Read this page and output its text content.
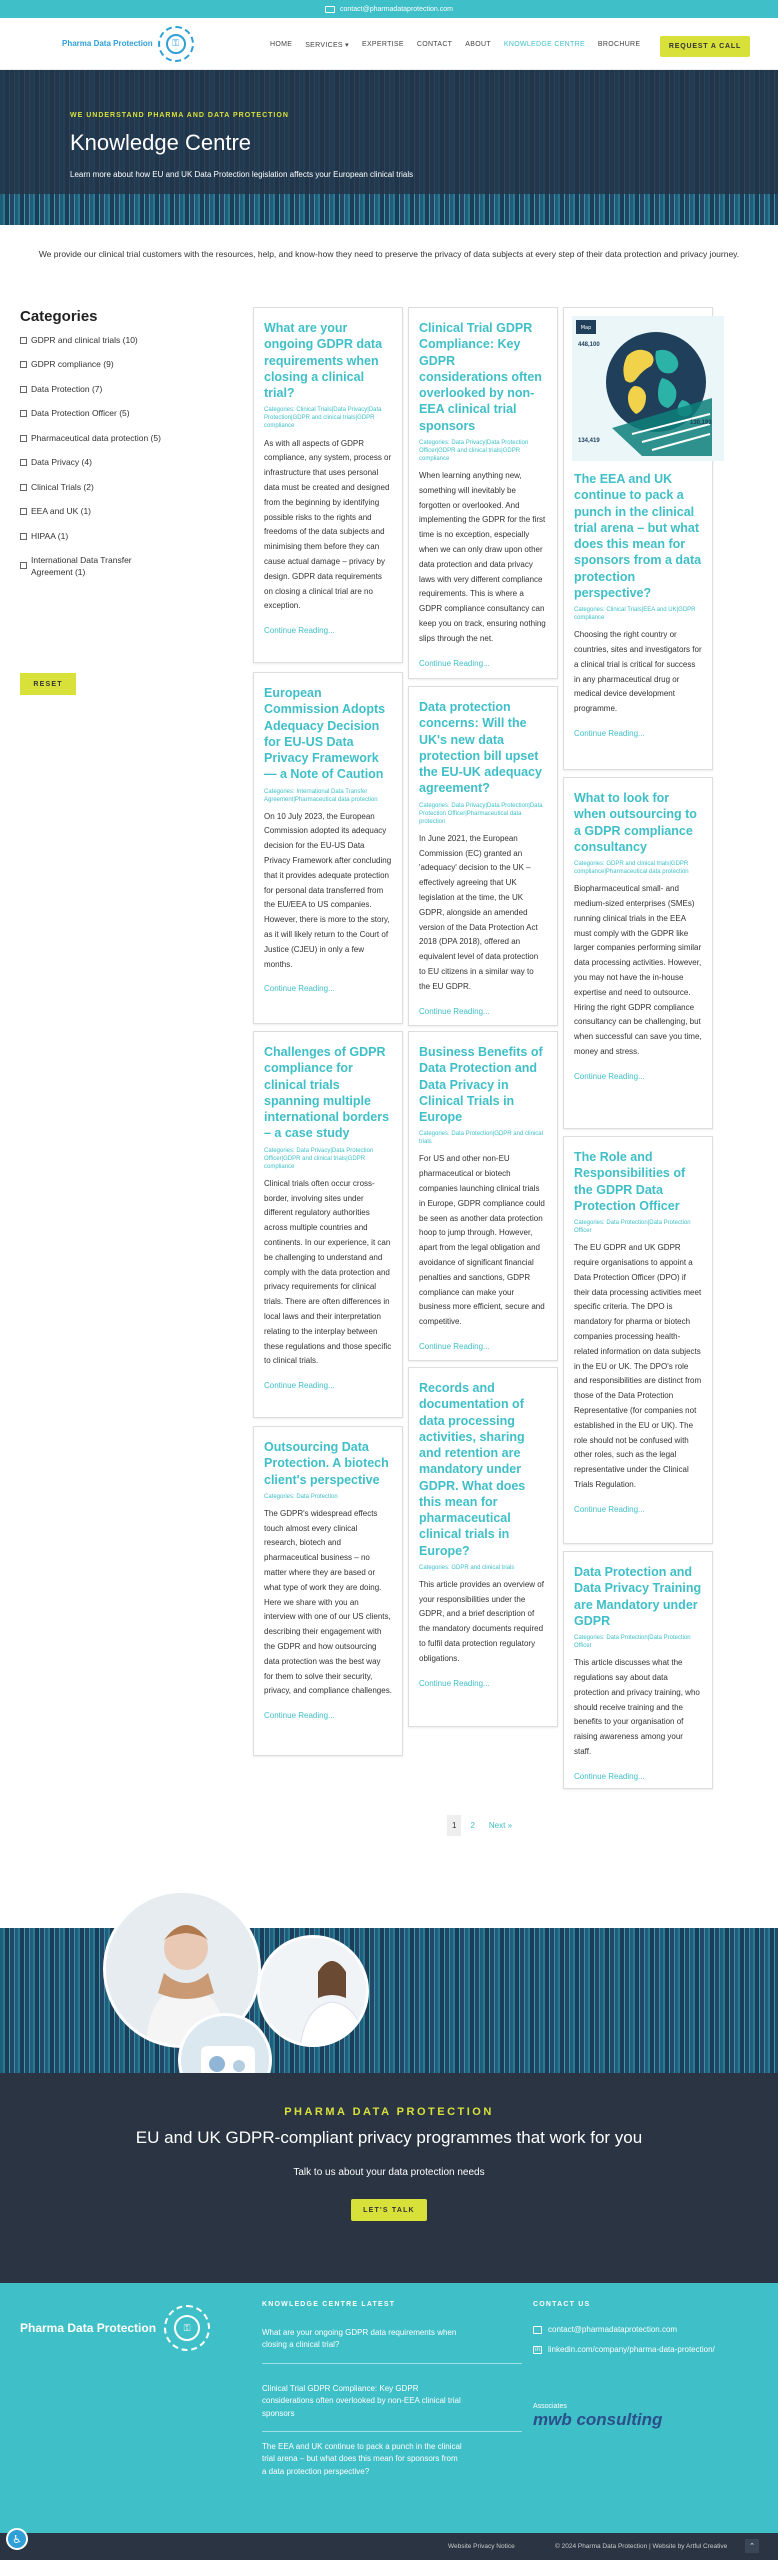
contact@pharmadataprotection.com
Pharma Data Protection	⚿	HOME SERVICES ▾ EXPERTISE CONTACT ABOUT KNOWLEDGE CENTRE BROCHURE	REQUEST A CALL
WE UNDERSTAND PHARMA AND DATA PROTECTION
Knowledge Centre
Learn more about how EU and UK Data Protection legislation affects your European clinical trials
We provide our clinical trial customers with the resources, help, and know-how they need to preserve the privacy of data subjects at every step of their data protection and privacy journey.
Categories
GDPR and clinical trials (10)
GDPR compliance (9)
Data Protection (7)
Data Protection Officer (5)
Pharmaceutical data protection (5)
Data Privacy (4)
Clinical Trials (2)
EEA and UK (1)
HIPAA (1)
International Data Transfer Agreement (1)
RESET
What are your ongoing GDPR data requirements when closing a clinical trial?
Categories: Clinical Trials|Data Privacy|Data Protection|GDPR and clinical trials|GDPR compliance

As with all aspects of GDPR compliance, any system, process or infrastructure that uses personal data must be created and designed from the beginning by identifying possible risks to the rights and freedoms of the data subjects and minimising them before they can cause actual damage – privacy by design. GDPR data requirements on closing a clinical trial are no exception.

Continue Reading...
European Commission Adopts Adequacy Decision for EU-US Data Privacy Framework — a Note of Caution
Categories: International Data Transfer Agreement|Pharmaceutical data protection

On 10 July 2023, the European Commission adopted its adequacy decision for the EU-US Data Privacy Framework after concluding that it provides adequate protection for personal data transferred from the EU/EEA to US companies. However, there is more to the story, as it will likely return to the Court of Justice (CJEU) in only a few months.

Continue Reading...
Challenges of GDPR compliance for clinical trials spanning multiple international borders – a case study
Categories: Data Privacy|Data Protection Officer|GDPR and clinical trials|GDPR compliance

Clinical trials often occur cross-border, involving sites under different regulatory authorities across multiple countries and continents. In our experience, it can be challenging to understand and comply with the data protection and privacy requirements for clinical trials. There are often differences in local laws and their interpretation relating to the interplay between these regulations and those specific to clinical trials.

Continue Reading...
Outsourcing Data Protection. A biotech client's perspective
Categories: Data Protection

The GDPR's widespread effects touch almost every clinical research, biotech and pharmaceutical business – no matter where they are based or what type of work they are doing. Here we share with you an interview with one of our US clients, describing their engagement with the GDPR and how outsourcing data protection was the best way for them to solve their security, privacy, and compliance challenges.

Continue Reading...
Clinical Trial GDPR Compliance: Key GDPR considerations often overlooked by non-EEA clinical trial sponsors
Categories: Data Privacy|Data Protection Officer|GDPR and clinical trials|GDPR compliance

When learning anything new, something will inevitably be forgotten or overlooked. And implementing the GDPR for the first time is no exception, especially when we can only draw upon other data protection and data privacy laws with very different compliance requirements. This is where a GDPR compliance consultancy can keep you on track, ensuring nothing slips through the net.

Continue Reading...
Data protection concerns: Will the UK's new data protection bill upset the EU-UK adequacy agreement?
Categories: Data Privacy|Data Protection|Data Protection Officer|Pharmaceutical data protection

In June 2021, the European Commission (EC) granted an 'adequacy' decision to the UK – effectively agreeing that UK legislation at the time, the UK GDPR, alongside an amended version of the Data Protection Act 2018 (DPA 2018), offered an equivalent level of data protection to EU citizens in a similar way to the EU GDPR.

Continue Reading...
Business Benefits of Data Protection and Data Privacy in Clinical Trials in Europe
Categories: Data Protection|GDPR and clinical trials

For US and other non-EU pharmaceutical or biotech companies launching clinical trials in Europe, GDPR compliance could be seen as another data protection hoop to jump through. However, apart from the legal obligation and avoidance of significant financial penalties and sanctions, GDPR compliance can make your business more efficient, secure and competitive.

Continue Reading...
Records and documentation of data processing activities, sharing and retention are mandatory under GDPR. What does this mean for pharmaceutical clinical trials in Europe?
Categories: GDPR and clinical trials

This article provides an overview of your responsibilities under the GDPR, and a brief description of the mandatory documents required to fulfil data protection regulatory obligations.

Continue Reading...
Map
448,100
134,419
130,193
The EEA and UK continue to pack a punch in the clinical trial arena – but what does this mean for sponsors from a data protection perspective?
Categories: Clinical Trials|EEA and UK|GDPR compliance

Choosing the right country or countries, sites and investigators for a clinical trial is critical for success in any pharmaceutical drug or medical device development programme.

Continue Reading...
What to look for when outsourcing to a GDPR compliance consultancy
Categories: GDPR and clinical trials|GDPR compliance|Pharmaceutical data protection

Biopharmaceutical small- and medium-sized enterprises (SMEs) running clinical trials in the EEA must comply with the GDPR like larger companies performing similar data processing activities. However, you may not have the in-house expertise and need to outsource. Hiring the right GDPR compliance consultancy can be challenging, but when successful can save you time, money and stress.

Continue Reading...
The Role and Responsibilities of the GDPR Data Protection Officer
Categories: Data Protection|Data Protection Officer

The EU GDPR and UK GDPR require organisations to appoint a Data Protection Officer (DPO) if their data processing activities meet specific criteria. The DPO is mandatory for pharma or biotech companies processing health-related information on data subjects in the EU or UK. The DPO's role and responsibilities are distinct from those of the Data Protection Representative (for companies not established in the EU or UK). The role should not be confused with other roles, such as the legal representative under the Clinical Trials Regulation.

Continue Reading...
Data Protection and Data Privacy Training are Mandatory under GDPR
Categories: Data Protection|Data Protection Officer

This article discusses what the regulations say about data protection and privacy training, who should receive training and the benefits to your organisation of raising awareness among your staff.

Continue Reading...
1	2	Next »
PHARMA DATA PROTECTION
EU and UK GDPR-compliant privacy programmes that work for you
Talk to us about your data protection needs
LET'S TALK
Pharma Data Protection	⚿
KNOWLEDGE CENTRE LATEST
What are your ongoing GDPR data requirements when closing a clinical trial?
Clinical Trial GDPR Compliance: Key GDPR considerations often overlooked by non-EEA clinical trial sponsors
The EEA and UK continue to pack a punch in the clinical trial arena – but what does this mean for sponsors from a data protection perspective?
CONTACT US
contact@pharmadataprotection.com
in linkedin.com/company/pharma-data-protection/
Associates
mwb consulting
Website Privacy Notice	© 2024 Pharma Data Protection | Website by Artful Creative	⌃
♿
